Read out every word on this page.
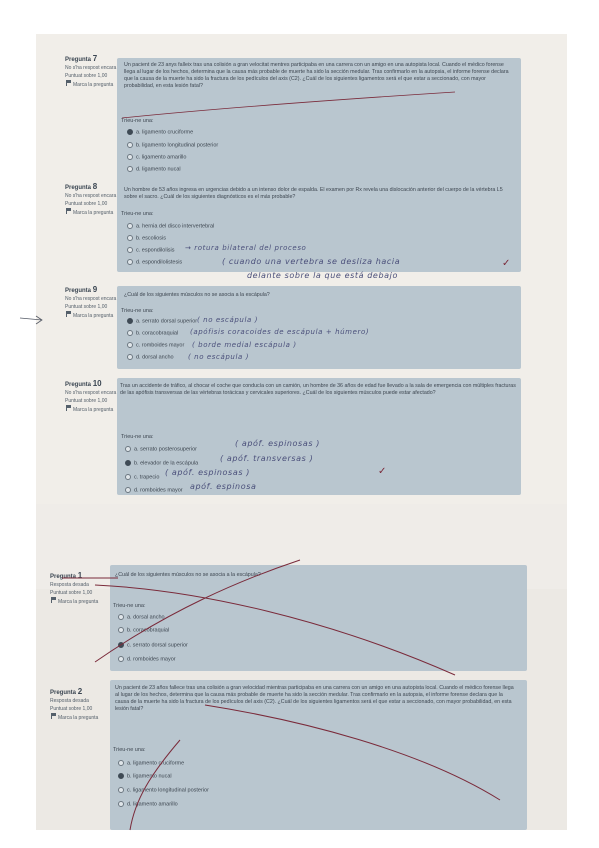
Pregunta 7
No s'ha respost encara
Puntuat sobre 1,00
Marca la pregunta
Un pacient de 23 anys falleix tras una colisión a gran velocitat mentres participaba en una carrera con un amigo en una autopista local. Cuando el médico forense llega al lugar de los hechos, determina que la causa más probable de muerte ha sido la sección medular. Tras confirmarlo en la autopsia, el informe forense declara que la causa de la muerte ha sido la fractura de los pedículos del axis (C2). ¿Cuál de los siguientes ligamentos será el que estar a seccionado, con mayor probabilidad, en esta lesión fatal?
Trieu-ne una:
a. ligamento cruciforme
b. ligamento longitudinal posterior
c. ligamento amarillo
d. ligamento nucal
Pregunta 8
No s'ha respost encara
Puntuat sobre 1,00
Marca la pregunta
Un hombre de 53 años ingresa en urgencias debido a un intenso dolor de espalda. El examen por Rx revela una dislocación anterior del cuerpo de la vértebra L5 sobre el sacro. ¿Cuál de los siguientes diagnósticos es el más probable?
Trieu-ne una:
a. hernia del disco intervertebral
b. escoliosis
c. espondilolisis
d. espondilolistesis
→ rotura bilateral del proceso
( cuando una vertebra se desliza hacia
delante sobre la que está debajo
✓
Pregunta 9
No s'ha respost encara
Puntuat sobre 1,00
Marca la pregunta
¿Cuál de los siguientes músculos no se asocia a la escápula?
Trieu-ne una:
a. serrato dorsal superior
b. coracobraquial
c. romboides mayor
d. dorsal ancho
( no escápula )
(apófisis coracoides de escápula + húmero)
( borde medial escápula )
( no escápula )
Pregunta 10
No s'ha respost encara
Puntuat sobre 1,00
Marca la pregunta
Tras un accidente de tráfico, al chocar el coche que conducía con un camión, un hombre de 36 años de edad fue llevado a la sala de emergencia con múltiples fracturas de las apófisis transversas de las vértebras torácicas y cervicales superiores. ¿Cuál de los siguientes músculos puede estar afectado?
Trieu-ne una:
a. serrato posterosuperior
b. elevador de la escápula
c. trapecio
d. romboides mayor
( apóf. espinosas )
( apóf. transversas )
( apóf. espinosas )
apóf. espinosa
✓
Pregunta 1
Resposta desada
Puntuat sobre 1,00
Marca la pregunta
¿Cuál de los siguientes músculos no se asocia a la escápula?
Trieu-ne una:
a. dorsal ancho
b. coracobraquial
c. serrato dorsal superior
d. romboides mayor
Pregunta 2
Resposta desada
Puntuat sobre 1,00
Marca la pregunta
Un pacient de 23 años fallece tras una colisión a gran velocidad mientras participaba en una carrera con un amigo en una autopista local. Cuando el médico forense llega al lugar de los hechos, determina que la causa más probable de muerte ha sido la sección medular. Tras confirmarlo en la autopsia, el informe forense declara que la causa de la muerte ha sido la fractura de los pedículos del axis (C2). ¿Cuál de los siguientes ligamentos será el que estar a seccionado, con mayor probabilidad, en esta lesión fatal?
Trieu-ne una:
a. ligamento cruciforme
b. ligamento nucal
c. ligamento longitudinal posterior
d. ligamento amarillo
